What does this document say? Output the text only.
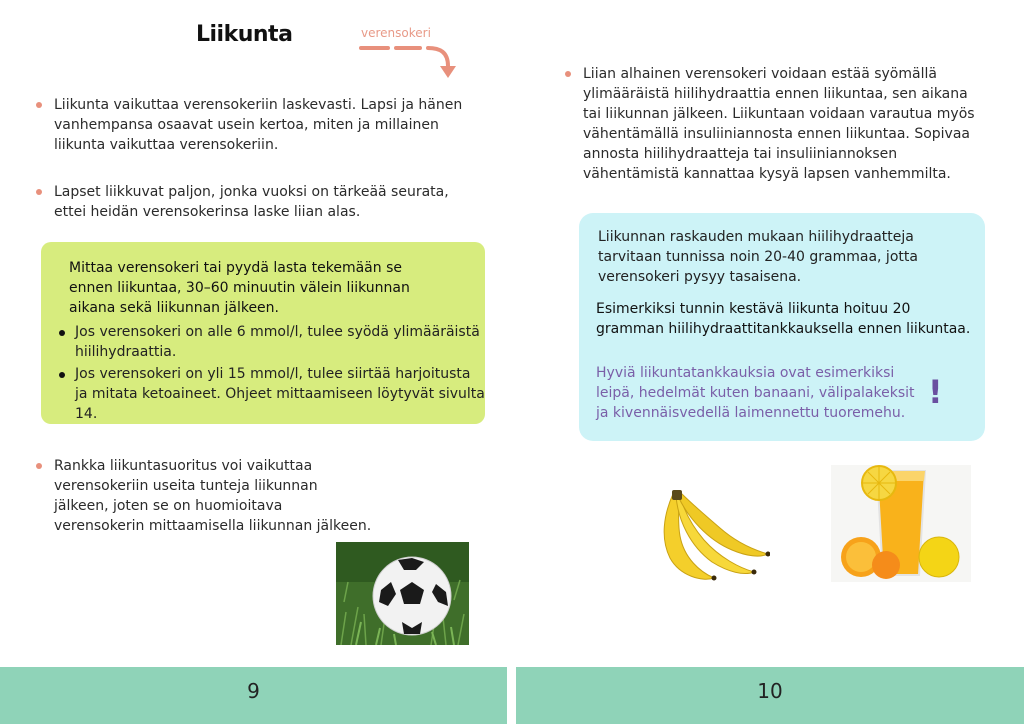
Liikunta	verensokeri
Liikunta vaikuttaa verensokeriin laskevasti. Lapsi ja hänen vanhempansa osaavat usein kertoa, miten ja millainen liikunta vaikuttaa verensokeriin.
Lapset liikkuvat paljon, jonka vuoksi on tärkeää seurata, ettei heidän verensokerinsa laske liian alas.
Mittaa verensokeri tai pyydä lasta tekemään se ennen liikuntaa, 30–60 minuutin välein liikunnan aikana sekä liikunnan jälkeen.
Jos verensokeri on alle 6 mmol/l, tulee syödä ylimääräistä hiilihydraattia.
Jos verensokeri on yli 15 mmol/l, tulee siirtää harjoitusta ja mitata ketoaineet. Ohjeet mittaamiseen löytyvät sivulta 14.
Rankka liikuntasuoritus voi vaikuttaa verensokeriin useita tunteja liikunnan jälkeen, joten se on huomioitava verensokerin mittaamisella liikunnan jälkeen.
9
Liian alhainen verensokeri voidaan estää syömällä ylimääräistä hiilihydraattia ennen liikuntaa, sen aikana tai liikunnan jälkeen. Liikuntaan voidaan varautua myös vähentämällä insuliiniannosta ennen liikuntaa. Sopivaa annosta hiilihydraatteja tai insuliiniannoksen vähentämistä kannattaa kysyä lapsen vanhemmilta.
Liikunnan raskauden mukaan hiilihydraatteja tarvitaan tunnissa noin 20-40 grammaa, jotta verensokeri pysyy tasaisena.
Esimerkiksi tunnin kestävä liikunta hoituu 20 gramman hiilihydraattitankkauksella ennen liikuntaa.
Hyviä liikuntatankkauksia ovat esimerkiksi leipä, hedelmät kuten banaani, välipalakeksit ja kivennäisvedellä laimennettu tuoremehu.
!
10
